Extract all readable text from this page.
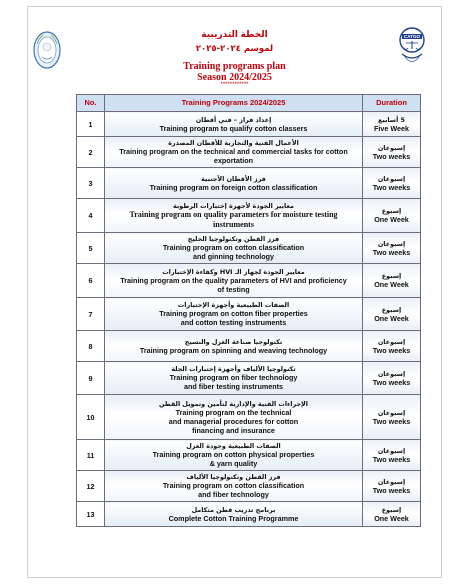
CATGO
الخطة التدريبية
لموسم ٢٠٢٤-٢٠٢٥
Training programs plan
Season 2024/2025
************
No.	Training Programs 2024/2025	Duration
1	إعداد فراز – فني أقطان
Training program to qualify cotton classers	5 أسابيع
Five Week

2	الأعمال الفنية والتجارية للأقطان المصدرة
Training program on the technical and commercial tasks for cotton
exportation	إسبوعان
Two weeks

3	فرز الأقطان الأجنبية
Training program on foreign cotton classification	إسبوعان
Two weeks

4	معايير الجودة لأجهزة إختبارات الرطوبة
Training program on quality parameters for moisture testing
instruments	إسبوع
One Week

5	فرز القطن وتكنولوجيا الحليج
Training program on cotton classification
and ginning technology	إسبوعان
Two weeks

6	معايير الجودة لجهاز الـ HVI وكفاءة الإختبارات
Training program on the quality parameters of HVI and proficiency
of testing	إسبوع
One Week

7	الصفات الطبيعية وأجهزة الإختبارات
Training program on cotton fiber properties
and cotton testing instruments	إسبوع
One Week

8	تكنولوجيا صناعة الغزل والنسيج
Training program on spinning and weaving technology	إسبوعان
Two weeks

9	تكنولوجيا الألياف وأجهزة إختبارات الجلة
Training program on fiber technology
and fiber testing instruments	إسبوعان
Two weeks

10	الإجراءات الفنية والإدارية لتأمين وتمويل القطن
Training program on the technical
and managerial procedures for cotton
financing and insurance	إسبوعان
Two weeks

11	الصفات الطبيعية وجودة الغزل
Training program on cotton physical properties
& yarn quality	إسبوعان
Two weeks

12	فرز القطن وتكنولوجيا الألياف
Training program on cotton classification
and fiber technology	إسبوعان
Two weeks

13	برنامج تدريب قطن متكامل
Complete Cotton Training Programme	إسبوع
One Week
